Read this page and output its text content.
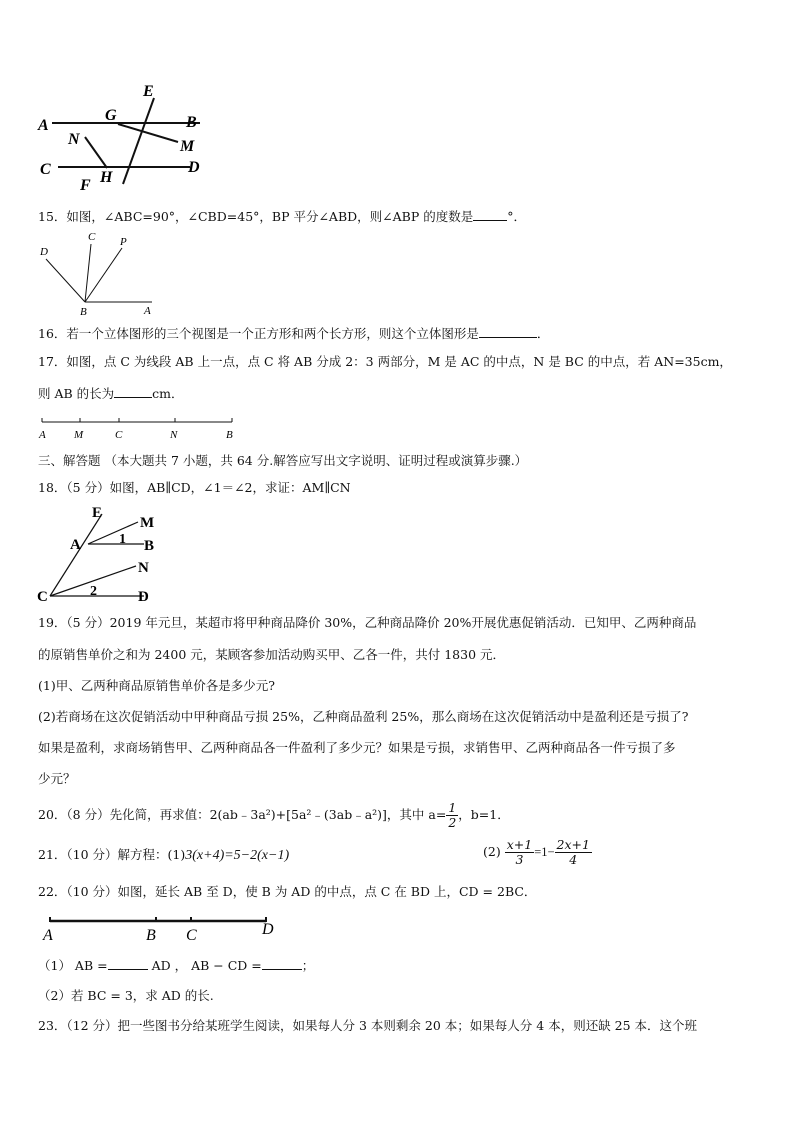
E
G
A	B
N	M
C	D
F H
15．如图，∠ABC=90°，∠CBD=45°，BP 平分∠ABD，则∠ABP 的度数是	°．
D
C P
B	A
16．若一个立体图形的三个视图是一个正方形和两个长方形，则这个立体图形是	．
17．如图，点 C 为线段 AB 上一点，点 C 将 AB 分成 2：3 两部分，M 是 AC 的中点，N 是 BC 的中点，若 AN=35cm，
则 AB 的长为	cm．
A	M	C	N	B
三、解答题 （本大题共 7 小题，共 64 分.解答应写出文字说明、证明过程或演算步骤.）
18．（5 分）如图，AB∥CD，∠1＝∠2，求证：AM∥CN
E
M
A	1 B
N
C	2	D
19．（5 分）2019 年元旦，某超市将甲种商品降价 30%，乙种商品降价 20%开展优惠促销活动．已知甲、乙两种商品
的原销售单价之和为 2400 元，某顾客参加活动购买甲、乙各一件，共付 1830 元．
(1)甲、乙两种商品原销售单价各是多少元?
(2)若商场在这次促销活动中甲种商品亏损 25%，乙种商品盈利 25%，那么商场在这次促销活动中是盈利还是亏损了?
如果是盈利，求商场销售甲、乙两种商品各一件盈利了多少元？如果是亏损，求销售甲、乙两种商品各一件亏损了多
少元？
20．（8 分）先化简，再求值：2(ab﹣3a²)+[5a²﹣(3ab﹣a²)]，其中 $a= \frac{1}{2}$ ，b=1．
21．（10 分）解方程：(1)3(x+4)=5−2(x−1)	$(2) \frac{x+1}{3} =1- \frac{2x+1}{4}$
22．（10 分）如图，延长 AB 至 D，使 B 为 AD 的中点，点 C 在 BD 上，CD = 2BC．
A	B C	D
（1） AB =	AD ， AB − CD =	；
（2）若 BC = 3，求 AD 的长.
23．（12 分）把一些图书分给某班学生阅读，如果每人分 3 本则剩余 20 本；如果每人分 4 本，则还缺 25 本．这个班
